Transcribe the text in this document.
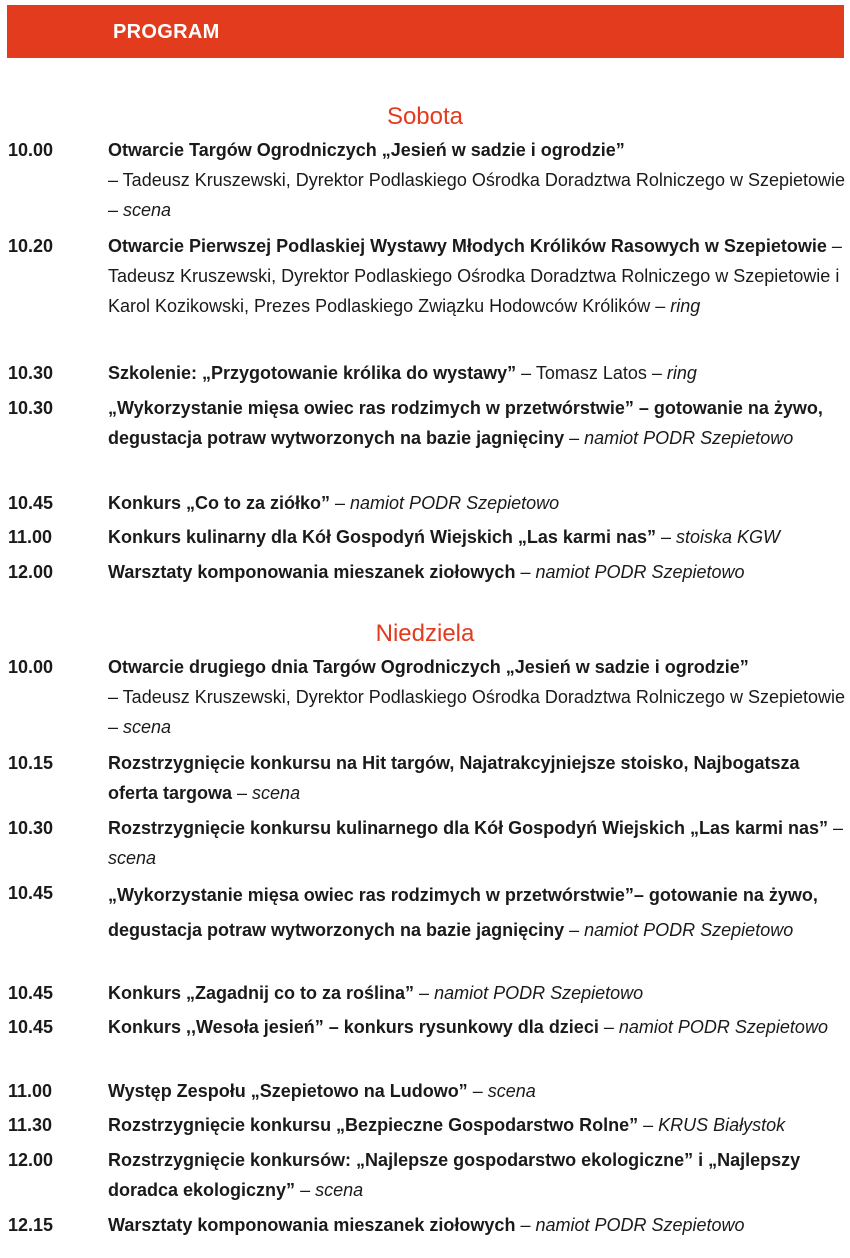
PROGRAM
Sobota
10.00	Otwarcie Targów Ogrodniczych „Jesień w sadzie i ogrodzie”
– Tadeusz Kruszewski, Dyrektor Podlaskiego Ośrodka Doradztwa Rolniczego w Szepietowie – scena
10.20	Otwarcie Pierwszej Podlaskiej Wystawy Młodych Królików Rasowych w Szepietowie – Tadeusz Kruszewski, Dyrektor Podlaskiego Ośrodka Doradztwa Rolniczego w Szepietowie i Karol Kozikowski, Prezes Podlaskiego Związku Hodowców Królików – ring
10.30	Szkolenie: „Przygotowanie królika do wystawy” – Tomasz Latos – ring
10.30	„Wykorzystanie mięsa owiec ras rodzimych w przetwórstwie” – gotowanie na żywo, degustacja potraw wytworzonych na bazie jagnięciny – namiot PODR Szepietowo
10.45	Konkurs „Co to za ziółko” – namiot PODR Szepietowo
11.00	Konkurs kulinarny dla Kół Gospodyń Wiejskich „Las karmi nas” – stoiska KGW
12.00	Warsztaty komponowania mieszanek ziołowych – namiot PODR Szepietowo
Niedziela
10.00	Otwarcie drugiego dnia Targów Ogrodniczych „Jesień w sadzie i ogrodzie”
– Tadeusz Kruszewski, Dyrektor Podlaskiego Ośrodka Doradztwa Rolniczego w Szepietowie – scena
10.15	Rozstrzygnięcie konkursu na Hit targów, Najatrakcyjniejsze stoisko, Najbogatsza oferta targowa – scena
10.30	Rozstrzygnięcie konkursu kulinarnego dla Kół Gospodyń Wiejskich „Las karmi nas” – scena
10.45	„Wykorzystanie mięsa owiec ras rodzimych w przetwórstwie”– gotowanie na żywo, degustacja potraw wytworzonych na bazie jagnięciny – namiot PODR Szepietowo
10.45	Konkurs „Zagadnij co to za roślina” – namiot PODR Szepietowo
10.45	Konkurs ,,Wesoła jesień” – konkurs rysunkowy dla dzieci – namiot PODR Szepietowo
11.00	Występ Zespołu „Szepietowo na Ludowo” – scena
11.30	Rozstrzygnięcie konkursu „Bezpieczne Gospodarstwo Rolne” – KRUS Białystok
12.00	Rozstrzygnięcie konkursów: „Najlepsze gospodarstwo ekologiczne” i „Najlepszy doradca ekologiczny” – scena
12.15	Warsztaty komponowania mieszanek ziołowych – namiot PODR Szepietowo
